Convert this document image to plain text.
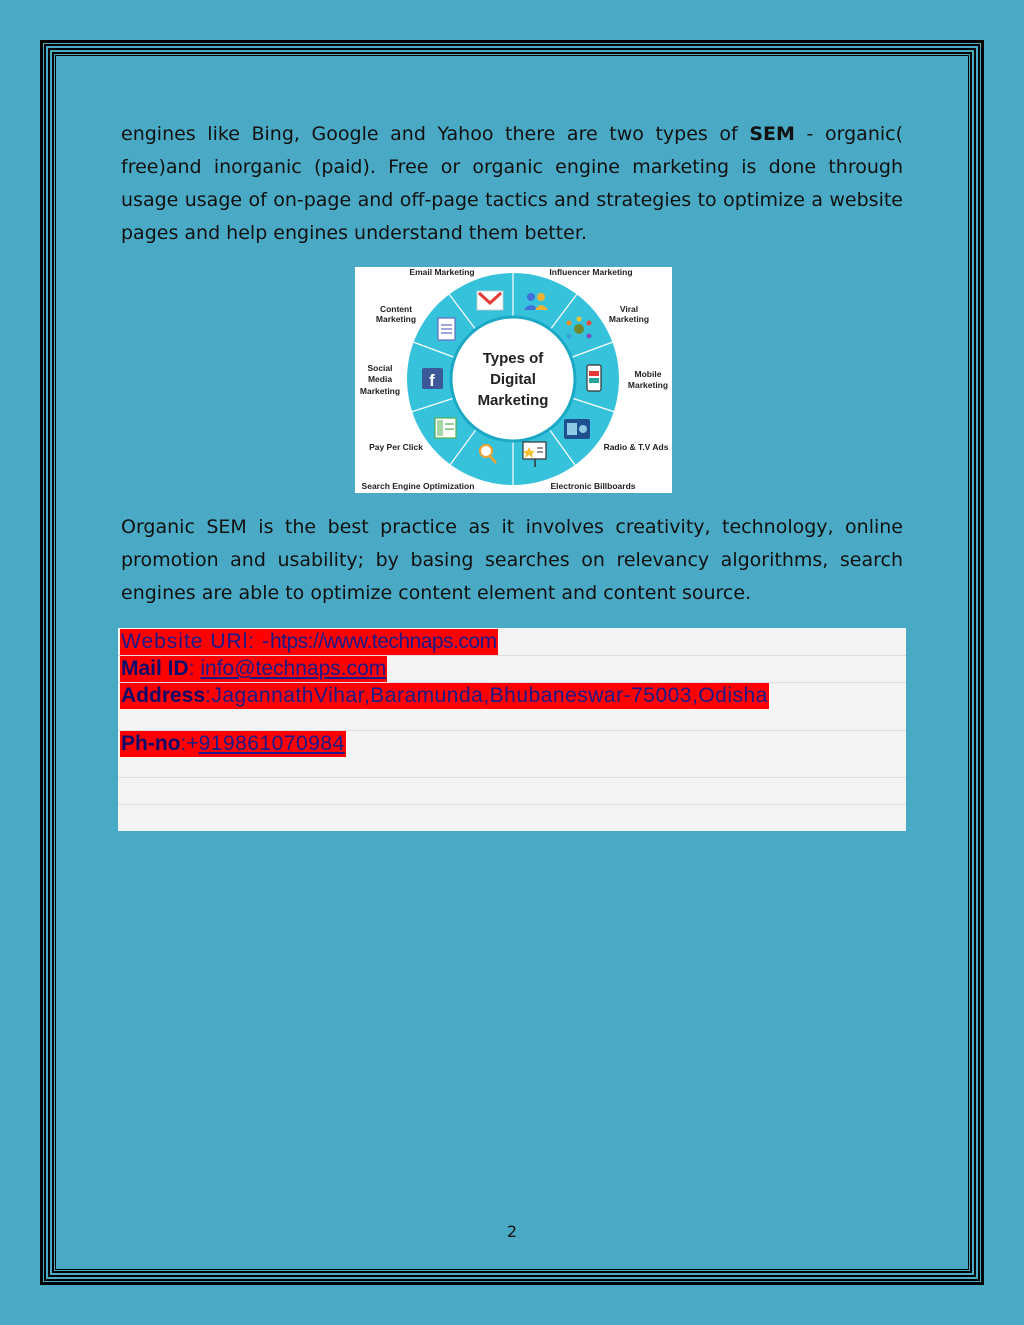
engines like Bing, Google and Yahoo there are two types of SEM - organic( free)and inorganic (paid). Free or organic engine marketing is done through usage usage of on-page and off-page tactics and strategies to optimize a website pages and help engines understand them better.

Types of
Digital
Marketing
f
Email Marketing	Influencer Marketing
Content
Marketing
Viral
Marketing
Social
Media
Marketing
Mobile
Marketing
Pay Per Click	Radio & T.V Ads
Search Engine Optimization	Electronic Billboards

Organic SEM is the best practice as it involves creativity, technology, online promotion and usability; by basing searches on relevancy algorithms, search engines are able to optimize content element and content source.

Website URl: -htps://www.technaps.com
Mail ID: info@technaps.com
Address:JagannathVihar,Baramunda,Bhubaneswar-75003,Odisha
Ph-no:+919861070984
2
